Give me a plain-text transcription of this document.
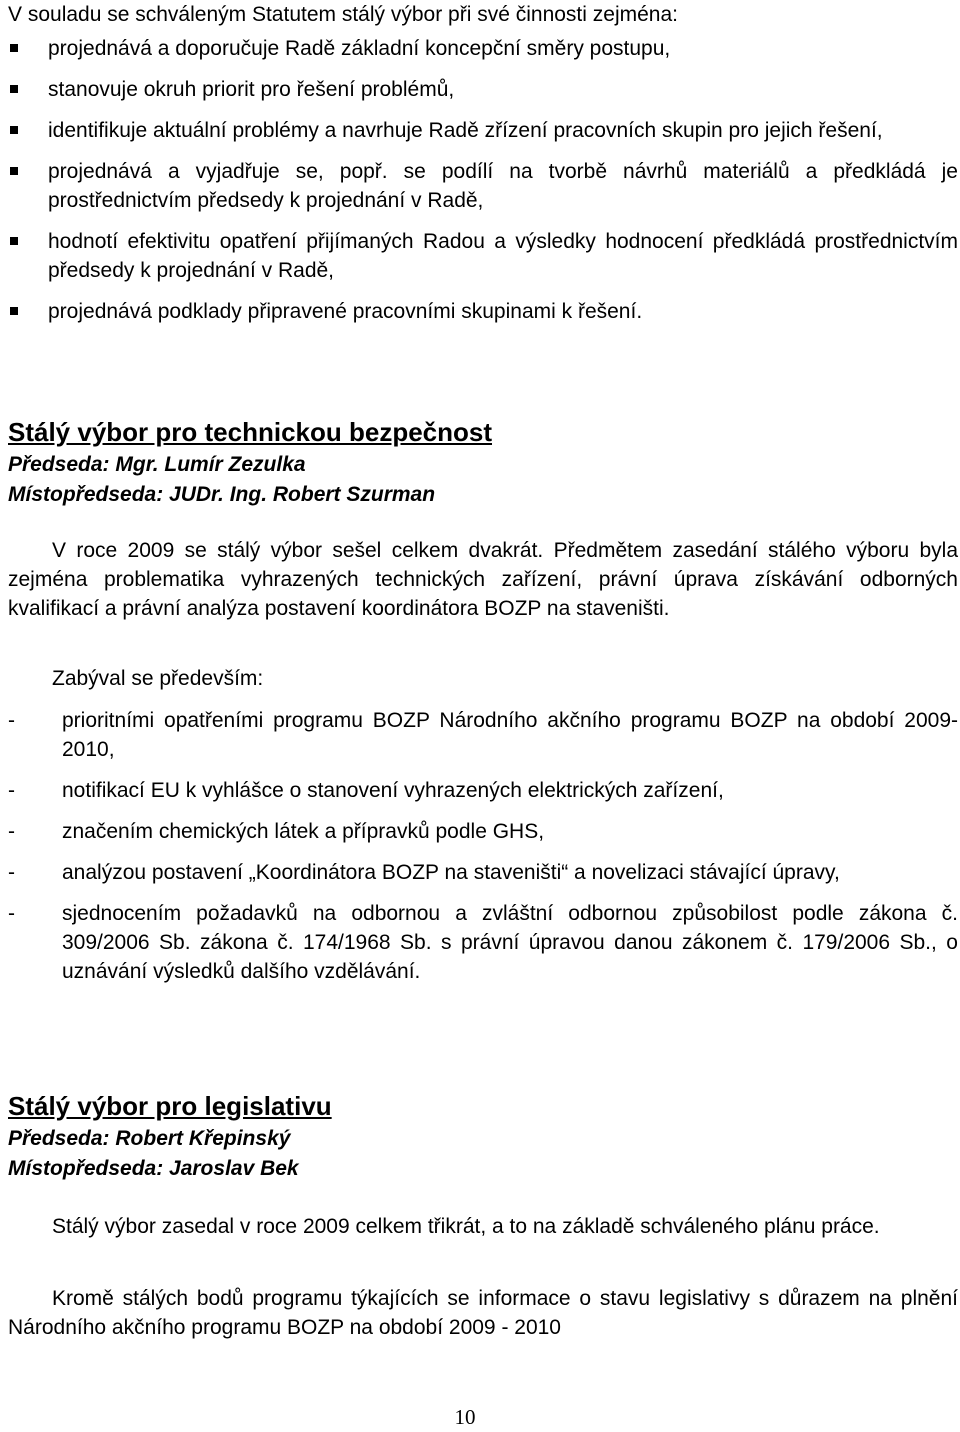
V souladu se schváleným Statutem stálý výbor při své činnosti zejména:

projednává a doporučuje Radě základní koncepční směry postupu,
stanovuje okruh priorit pro řešení problémů,
identifikuje aktuální problémy a navrhuje Radě zřízení pracovních skupin pro jejich řešení,
projednává a vyjadřuje se, popř. se podílí na tvorbě návrhů materiálů a předkládá je prostřednictvím předsedy k projednání v Radě,
hodnotí efektivitu opatření přijímaných Radou a výsledky hodnocení předkládá prostřednictvím předsedy k projednání v Radě,
projednává podklady připravené pracovními skupinami k řešení.
Stálý výbor pro technickou bezpečnost

Předseda: Mgr. Lumír Zezulka

Místopředseda: JUDr. Ing. Robert Szurman

V roce 2009 se stálý výbor sešel celkem dvakrát. Předmětem zasedání stálého výboru byla zejména problematika vyhrazených technických zařízení, právní úprava získávání odborných kvalifikací a právní analýza postavení koordinátora BOZP na staveništi.

Zabýval se především:

- prioritními opatřeními programu BOZP Národního akčního programu BOZP na období 2009-2010,
- notifikací EU k vyhlášce o stanovení vyhrazených elektrických zařízení,
- značením chemických látek a přípravků podle GHS,
- analýzou postavení „Koordinátora BOZP na staveništi“ a novelizaci stávající úpravy,
- sjednocením požadavků na odbornou a zvláštní odbornou způsobilost podle zákona č. 309/2006 Sb. zákona č. 174/1968 Sb. s právní úpravou danou zákonem č. 179/2006 Sb., o uznávání výsledků dalšího vzdělávání.
Stálý výbor pro legislativu

Předseda: Robert Křepinský

Místopředseda: Jaroslav Bek

Stálý výbor zasedal v roce 2009 celkem třikrát, a to na základě schváleného plánu práce.

Kromě stálých bodů programu týkajících se informace o stavu legislativy s důrazem na plnění Národního akčního programu BOZP na období 2009 - 2010

10
